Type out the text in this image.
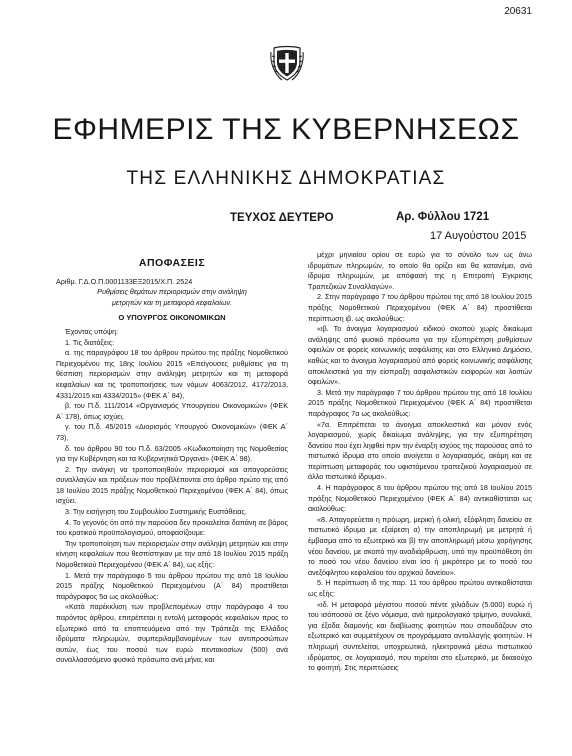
20631
ΕΦΗΜΕΡΙΣ ΤΗΣ ΚΥΒΕΡΝΗΣΕΩΣ
ΤΗΣ ΕΛΛΗΝΙΚΗΣ ΔΗΜΟΚΡΑΤΙΑΣ
ΤΕΥΧΟΣ ΔΕΥΤΕΡΟ	Αρ. Φύλλου 1721
17 Αυγούστου 2015
ΑΠΟΦΑΣΕΙΣ

Αριθμ. Γ.Δ.Ο.Π.0001133ΕΞ2015/Χ.Π. 2524

Ρυθμίσεις θεμάτων περιορισμών στην ανάληψη

μετρητών και τη μεταφορά κεφαλαίων.

Ο ΥΠΟΥΡΓΟΣ ΟΙΚΟΝΟΜΙΚΩΝ

Έχοντας υπόψη:

1. Τις διατάξεις:

α. της παραγράφου 18 του άρθρου πρώτου της πράξης Νομοθετικού Περιεχομένου της 18ης Ιουλίου 2015 «Επείγουσες ρυθμίσεις για τη θέσπιση περιορισμών στην ανάληψη μετρητών και τη μεταφορά κεφαλαίων και τις τροποποιήσεις των νόμων 4063/2012, 4172/2013, 4331/2015 και 4334/2015» (ΦΕΚ Α΄ 84),

β. του Π.δ. 111/2014 «Οργανισμός Υπουργείου Οικονομικών» (ΦΕΚ Α΄ 178), όπως ισχύει,

γ. του Π.δ. 45/2015 «Διορισμός Υπουργού Οικονομικών» (ΦΕΚ Α΄ 73),

δ. του άρθρου 90 του Π.δ. 63/2005 «Κωδικοποίηση της Νομοθεσίας για την Κυβέρνηση και τα Κυβερνητικά Όργανα» (ΦΕΚ Α΄ 98).

2. Την ανάγκη να τροποποιηθούν περιορισμοί και απαγορεύσεις συναλλαγών και πράξεων που προβλέπονται στο άρθρο πρώτο της από 18 Ιουλίου 2015 πράξης Νομοθετικού Περιεχομένου (ΦΕΚ Α΄ 84), όπως ισχύει.

3. Την εισήγηση του Συμβουλίου Συστημικής Ευστάθειας.

4. Το γεγονός ότι από την παρούσα δεν προκαλείται δαπάνη σε βάρος του κρατικού προϋπολογισμού, αποφασίζουμε:

Την τροποποίηση των περιορισμών στην ανάληψη μετρητών και στην κίνηση κεφαλαίων που θεσπίστηκαν με την από 18 Ιουλίου 2015 πράξη Νομοθετικού Περιεχομένου (ΦΕΚ Α΄ 84), ως εξής:

1. Μετά την παράγραφο 5 του άρθρου πρώτου της από 18 Ιουλίου 2015 πράξης Νομοθετικού Περιεχομένου (Α΄ 84) προστίθεται παράγραφος 5α ως ακολούθως:

«Κατά παρέκκλιση των προβλεπομένων στην παράγραφο 4 του παρόντος άρθρου, επιτρέπεται η εντολή μεταφοράς κεφαλαίων προς το εξωτερικό από τα εποπτευόμενα από την Τράπεζα της Ελλάδος ιδρύματα πληρωμών, συμπεριλαμβανομένων των αντιπροσώπων αυτών, έως του ποσού των ευρώ πεντακοσίων (500) ανά συναλλασσόμενο φυσικό πρόσωπο ανά μήνα, και

μέχρι μηνιαίου ορίου σε ευρώ για το σύνολο των ως άνω ιδρυμάτων πληρωμών, το οποίο θα ορίζει και θα κατανέμει, ανά ίδρυμα πληρωμών, με απόφασή της η Επιτροπή Έγκρισης Τραπεζικών Συναλλαγών».

2. Στην παράγραφο 7 του άρθρου πρώτου της από 18 Ιουλίου 2015 πράξης Νομοθετικού Περιεχομένου (ΦΕΚ Α΄ 84) προστίθεται περίπτωση ιβ. ως ακολούθως:

«ιβ. Το άνοιγμα λογαριασμού ειδικού σκοπού χωρίς δικαίωμα ανάληψης από φυσικό πρόσωπο για την εξυπηρέτηση ρυθμίσεων οφειλών σε φορείς κοινωνικής ασφάλισης και στο Ελληνικό Δημόσιο, καθώς και το άνοιγμα λογαριασμού από φορείς κοινωνικής ασφάλισης αποκλειστικά για την είσπραξη ασφαλιστικών εισφορών και λοιπών οφειλών».

3. Μετά την παράγραφο 7 του άρθρου πρώτου της από 18 Ιουλίου 2015 πράξης Νομοθετικού Περιεχομένου (ΦΕΚ Α΄ 84) προστίθεται παράγραφος 7α ως ακολούθως:

«7α. Επιτρέπεται το άνοιγμα αποκλειστικά και μόνον ενός λογαριασμού, χωρίς δικαίωμα ανάληψης, για την εξυπηρέτηση δανείου που έχει ληφθεί πριν την έναρξη ισχύος της παρούσας από το πιστωτικό ίδρυμα στο οποίο ανοίγεται ο λογαριασμός, ακόμη και σε περίπτωση μεταφοράς του υφιστάμενου τραπεζικού λογαριασμού σε άλλο πιστωτικό ίδρυμα».

4. Η παράγραφος 8 του άρθρου πρώτου της από 18 Ιουλίου 2015 πράξης Νομοθετικού Περιεχομένου (ΦΕΚ Α΄ 84) αντικαθίσταται ως ακολούθως:

«8. Απαγορεύεται η πρόωρη, μερική ή ολική, εξόφληση δανείου σε πιστωτικό ίδρυμα με εξαίρεση α) την αποπληρωμή με μετρητά ή έμβασμα από το εξωτερικό και β) την αποπληρωμή μέσω χορήγησης νέου δανείου, με σκοπό την αναδιάρθρωση, υπό την προϋπόθεση ότι το ποσό του νέου δανείου είναι ίσο ή μικρότερο με το ποσό του ανεξόφλητου κεφαλαίου του αρχικού δανείου».

5. Η περίπτωση ιδ της παρ. 11 του άρθρου πρώτου αντικαθίσταται ως εξής:

«ιδ. Η μεταφορά μέγιστου ποσού πέντε χιλιάδων (5.000) ευρώ ή του ισόποσού σε ξένο νόμισμα, ανά ημερολογιακό τρίμηνο, συνολικά, για έξοδα διαμονής και διαβίωσης φοιτητών που σπουδάζουν στο εξωτερικό και συμμετέχουν σε προγράμματα ανταλλαγής φοιτητών. Η πληρωμή συντελείται, υποχρεωτικά, ηλεκτρονικά μέσω πιστωτικού ιδρύματος, σε λογαριασμό, που τηρείται στο εξωτερικό, με δικαιούχο το φοιτητή. Στις περιπτώσεις
